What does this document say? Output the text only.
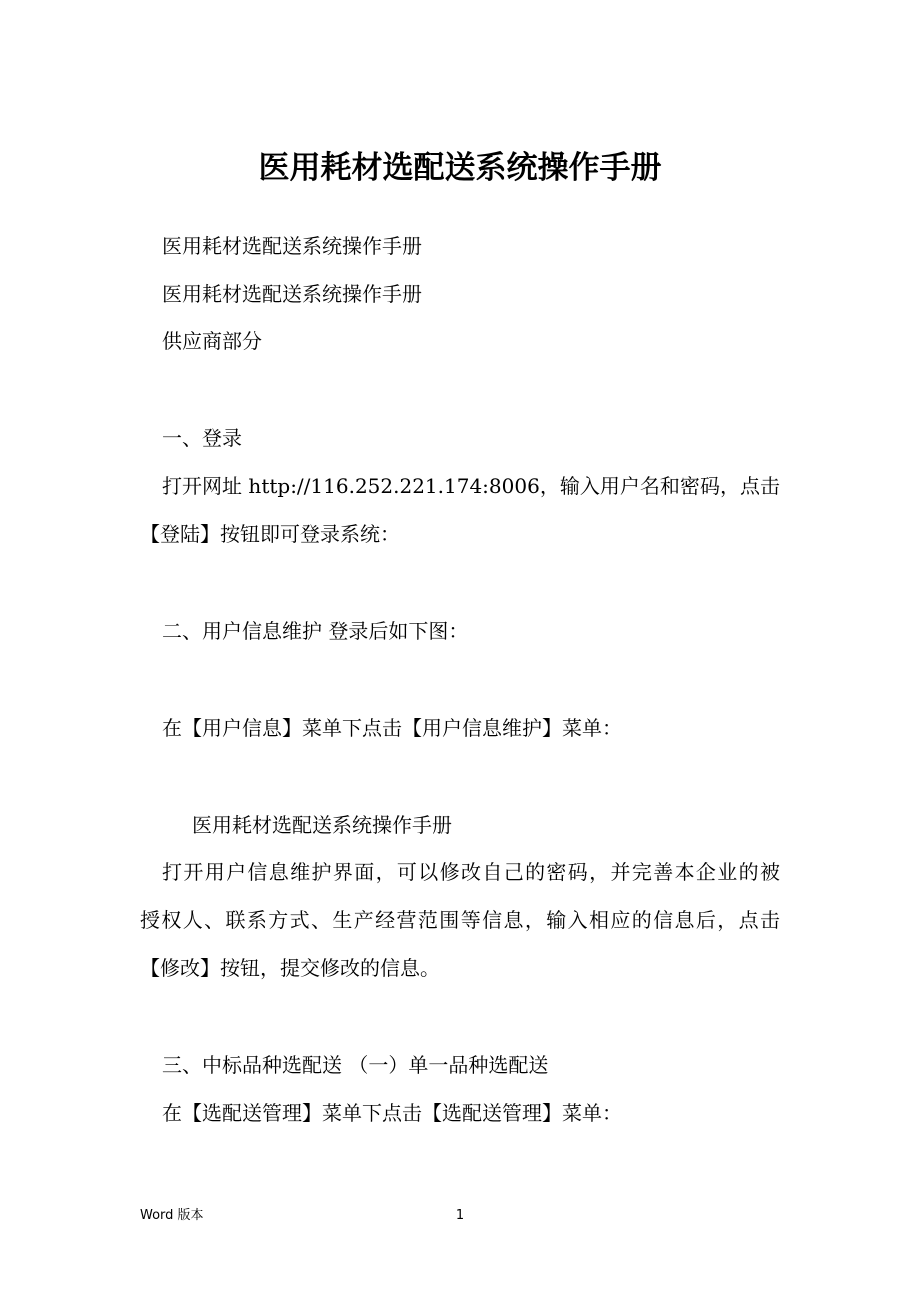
医用耗材选配送系统操作手册
医用耗材选配送系统操作手册
医用耗材选配送系统操作手册
供应商部分
一、登录
打开网址 http://116.252.221.174:8006，输入用户名和密码，点击
【登陆】按钮即可登录系统：
二、用户信息维护 登录后如下图：
在【用户信息】菜单下点击【用户信息维护】菜单：
医用耗材选配送系统操作手册
打开用户信息维护界面，可以修改自己的密码，并完善本企业的被
授权人、联系方式、生产经营范围等信息，输入相应的信息后，点击
【修改】按钮，提交修改的信息。
三、中标品种选配送 （一）单一品种选配送
在【选配送管理】菜单下点击【选配送管理】菜单：
Word 版本	1
